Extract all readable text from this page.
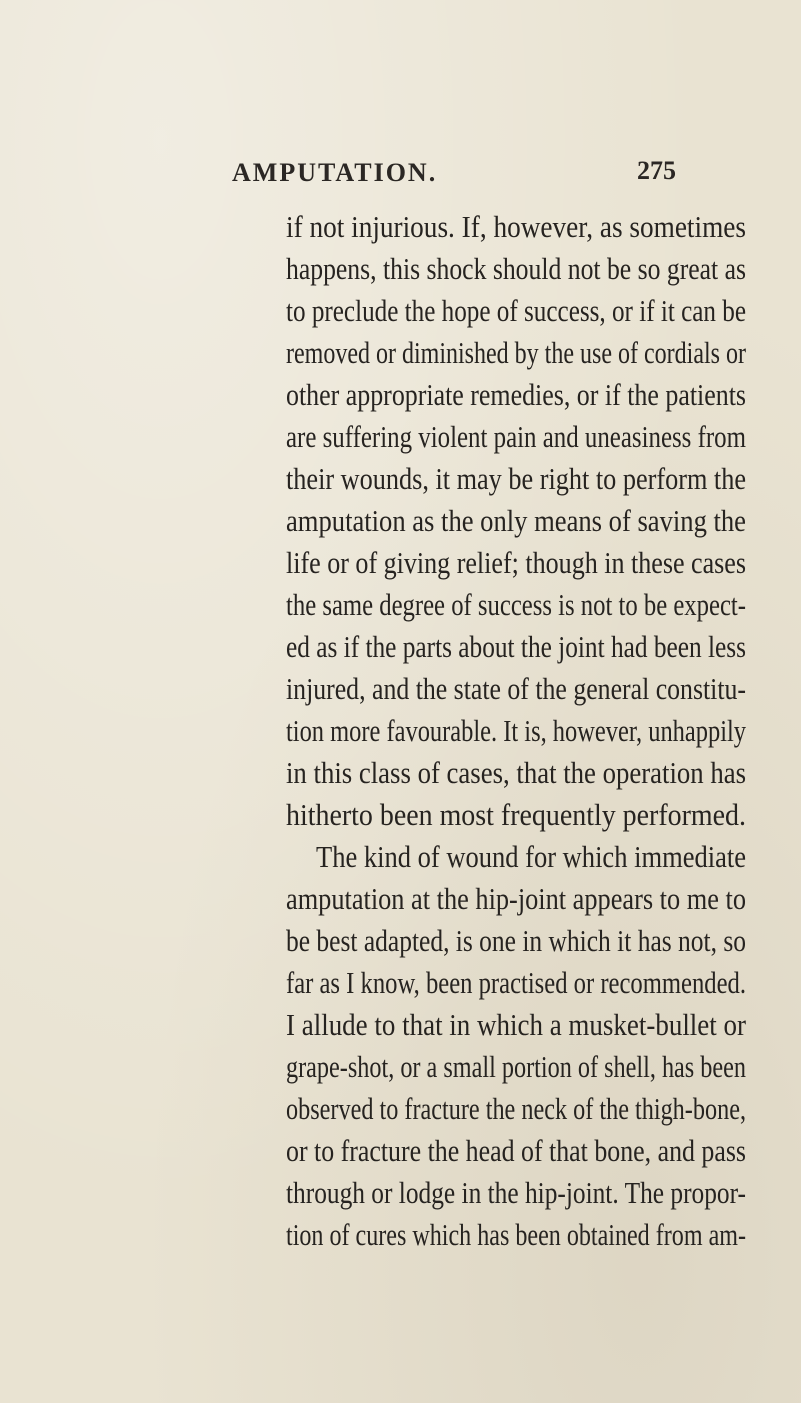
AMPUTATION.	275
if not injurious. If, however, as sometimes
happens, this shock should not be so great as
to preclude the hope of success, or if it can be
removed or diminished by the use of cordials or
other appropriate remedies, or if the patients
are suffering violent pain and uneasiness from
their wounds, it may be right to perform the
amputation as the only means of saving the
life or of giving relief; though in these cases
the same degree of success is not to be expect-
ed as if the parts about the joint had been less
injured, and the state of the general constitu-
tion more favourable. It is, however, unhappily
in this class of cases, that the operation has
hitherto been most frequently performed.
The kind of wound for which immediate
amputation at the hip-joint appears to me to
be best adapted, is one in which it has not, so
far as I know, been practised or recommended.
I allude to that in which a musket-bullet or
grape-shot, or a small portion of shell, has been
observed to fracture the neck of the thigh-bone,
or to fracture the head of that bone, and pass
through or lodge in the hip-joint. The propor-
tion of cures which has been obtained from am-
